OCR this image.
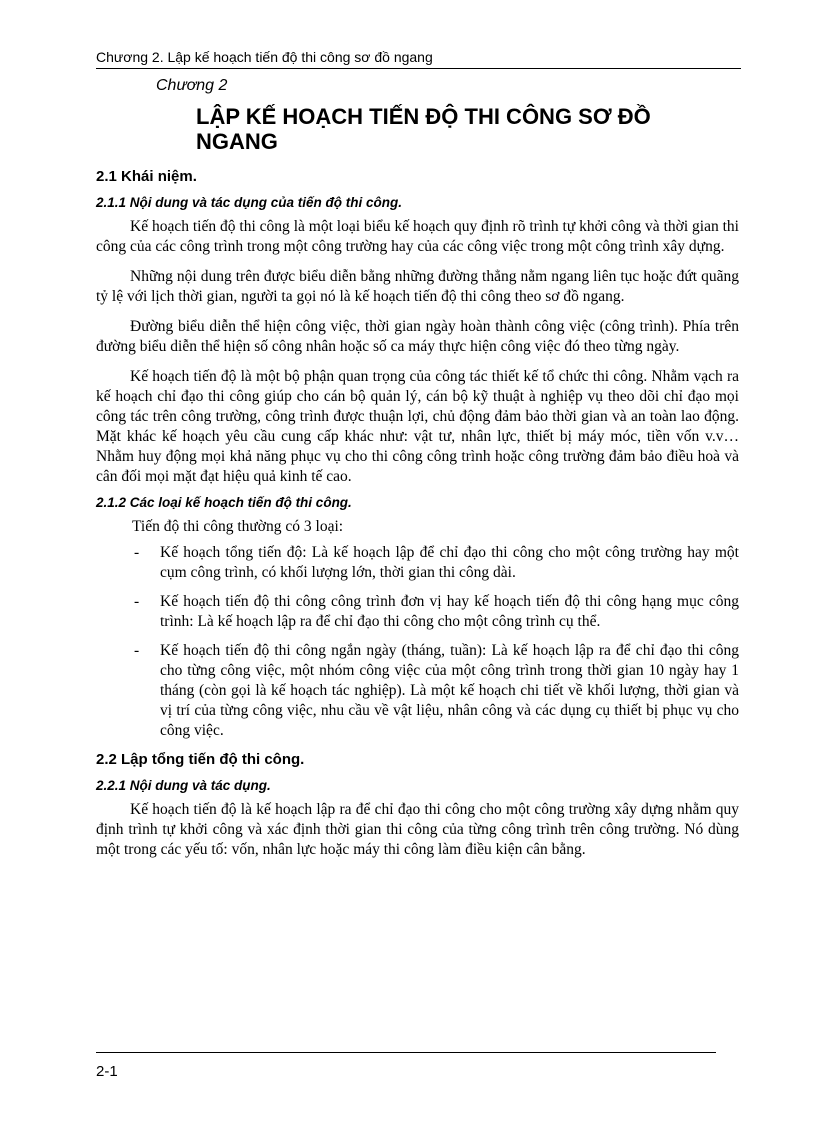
Chương 2. Lập kế hoạch tiến độ thi công sơ đồ ngang
Chương 2
LẬP KẾ HOẠCH TIẾN ĐỘ THI CÔNG SƠ ĐỒ NGANG
2.1 Khái niệm.
2.1.1 Nội dung và tác dụng của tiến độ thi công.

Kế hoạch tiến độ thi công là một loại biểu kế hoạch quy định rõ trình tự khởi công và thời gian thi công của các công trình trong một công trường hay của các công việc trong một công trình xây dựng.

Những nội dung trên được biểu diễn bằng những đường thẳng nằm ngang liên tục hoặc đứt quãng tỷ lệ với lịch thời gian, người ta gọi nó là kế hoạch tiến độ thi công theo sơ đồ ngang.

Đường biểu diễn thể hiện công việc, thời gian ngày hoàn thành công việc (công trình). Phía trên đường biểu diễn thể hiện số công nhân hoặc số ca máy thực hiện công việc đó theo từng ngày.

Kế hoạch tiến độ là một bộ phận quan trọng của công tác thiết kế tổ chức thi công. Nhằm vạch ra kế hoạch chỉ đạo thi công giúp cho cán bộ quản lý, cán bộ kỹ thuật à nghiệp vụ theo dõi chỉ đạo mọi công tác trên công trường, công trình được thuận lợi, chủ động đảm bảo thời gian và an toàn lao động. Mặt khác kế hoạch yêu cầu cung cấp khác như: vật tư, nhân lực, thiết bị máy móc, tiền vốn v.v… Nhằm huy động mọi khả năng phục vụ cho thi công công trình hoặc công trường đảm bảo điều hoà và cân đối mọi mặt đạt hiệu quả kinh tế cao.

2.1.2 Các loại kế hoạch tiến độ thi công.

Tiến độ thi công thường có 3 loại:

- Kế hoạch tổng tiến độ: Là kế hoạch lập để chỉ đạo thi công cho một công trường hay một cụm công trình, có khối lượng lớn, thời gian thi công dài.
- Kế hoạch tiến độ thi công công trình đơn vị hay kế hoạch tiến độ thi công hạng mục công trình: Là kế hoạch lập ra để chỉ đạo thi công cho một công trình cụ thể.
- Kế hoạch tiến độ thi công ngắn ngày (tháng, tuần): Là kế hoạch lập ra để chỉ đạo thi công cho từng công việc, một nhóm công việc của một công trình trong thời gian 10 ngày hay 1 tháng (còn gọi là kế hoạch tác nghiệp). Là một kế hoạch chi tiết về khối lượng, thời gian và vị trí của từng công việc, nhu cầu về vật liệu, nhân công và các dụng cụ thiết bị phục vụ cho công việc.
2.2 Lập tổng tiến độ thi công.
2.2.1 Nội dung và tác dụng.

Kế hoạch tiến độ là kế hoạch lập ra để chỉ đạo thi công cho một công trường xây dựng nhằm quy định trình tự khởi công và xác định thời gian thi công của từng công trình trên công trường. Nó dùng một trong các yếu tố: vốn, nhân lực hoặc máy thi công làm điều kiện cân bằng.

2-1
